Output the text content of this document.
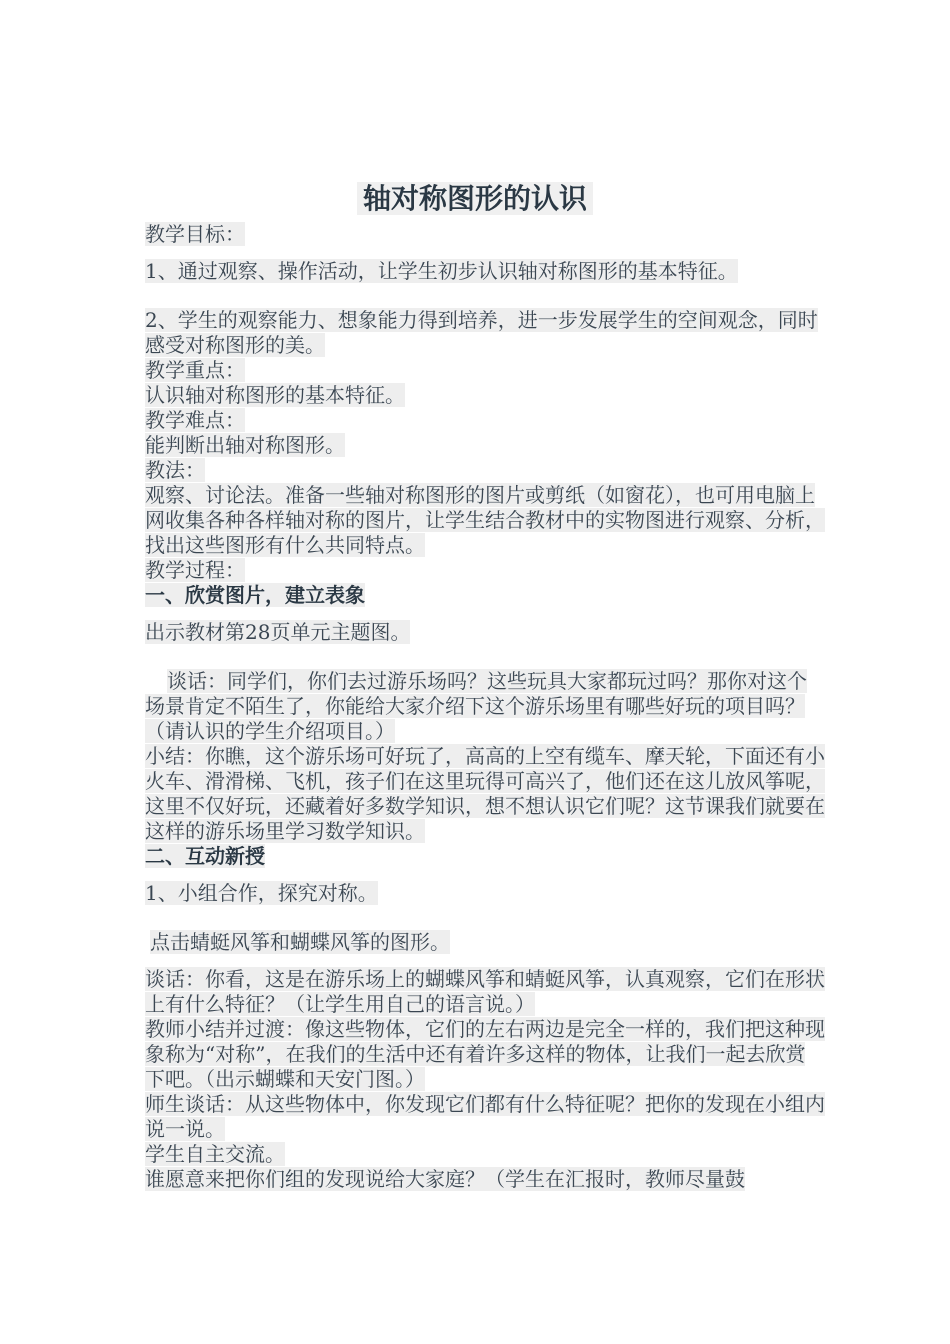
轴对称图形的认识

教学目标：

1、通过观察、操作活动，让学生初步认识轴对称图形的基本特征。

2、学生的观察能力、想象能力得到培养，进一步发展学生的空间观念，同时感受对称图形的美。

教学重点：

认识轴对称图形的基本特征。

教学难点：

能判断出轴对称图形。

教法：

观察、讨论法。准备一些轴对称图形的图片或剪纸（如窗花），也可用电脑上网收集各种各样轴对称的图片，让学生结合教材中的实物图进行观察、分析，找出这些图形有什么共同特点。

教学过程：

一、欣赏图片，建立表象

出示教材第28页单元主题图。

谈话：同学们，你们去过游乐场吗？这些玩具大家都玩过吗？那你对这个场景肯定不陌生了，你能给大家介绍下这个游乐场里有哪些好玩的项目吗？（请认识的学生介绍项目。）

小结：你瞧，这个游乐场可好玩了，高高的上空有缆车、摩天轮，下面还有小火车、滑滑梯、飞机，孩子们在这里玩得可高兴了，他们还在这儿放风筝呢，这里不仅好玩，还藏着好多数学知识，想不想认识它们呢？这节课我们就要在这样的游乐场里学习数学知识。

二、互动新授

1、小组合作，探究对称。

点击蜻蜓风筝和蝴蝶风筝的图形。

谈话：你看，这是在游乐场上的蝴蝶风筝和蜻蜓风筝，认真观察，它们在形状上有什么特征？（让学生用自己的语言说。）

教师小结并过渡：像这些物体，它们的左右两边是完全一样的，我们把这种现象称为“对称”，在我们的生活中还有着许多这样的物体，让我们一起去欣赏下吧。（出示蝴蝶和天安门图。）

师生谈话：从这些物体中，你发现它们都有什么特征呢？把你的发现在小组内说一说。

学生自主交流。

谁愿意来把你们组的发现说给大家庭？（学生在汇报时，教师尽量鼓
